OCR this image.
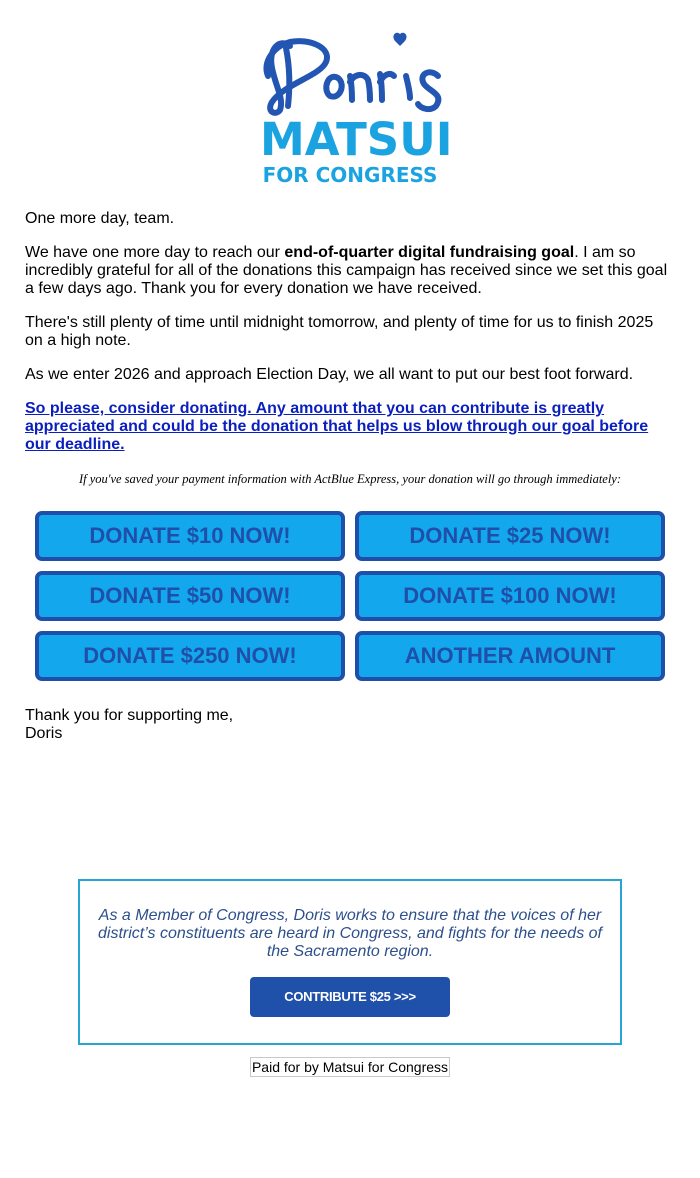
MATSUI
FOR CONGRESS

One more day, team.

We have one more day to reach our end-of-quarter digital fundraising goal. I am so incredibly grateful for all of the donations this campaign has received since we set this goal a few days ago. Thank you for every donation we have received.

There's still plenty of time until midnight tomorrow, and plenty of time for us to finish 2025 on a high note.

As we enter 2026 and approach Election Day, we all want to put our best foot forward.

So please, consider donating. Any amount that you can contribute is greatly appreciated and could be the donation that helps us blow through our goal before our deadline.

If you've saved your payment information with ActBlue Express, your donation will go through immediately:
DONATE $10 NOW!	DONATE $25 NOW!
DONATE $50 NOW!	DONATE $100 NOW!
DONATE $250 NOW!	ANOTHER AMOUNT
Thank you for supporting me,
Doris
As a Member of Congress, Doris works to ensure that the voices of her district’s constituents are heard in Congress, and fights for the needs of the Sacramento region.
CONTRIBUTE $25 >>>
Paid for by Matsui for Congress
